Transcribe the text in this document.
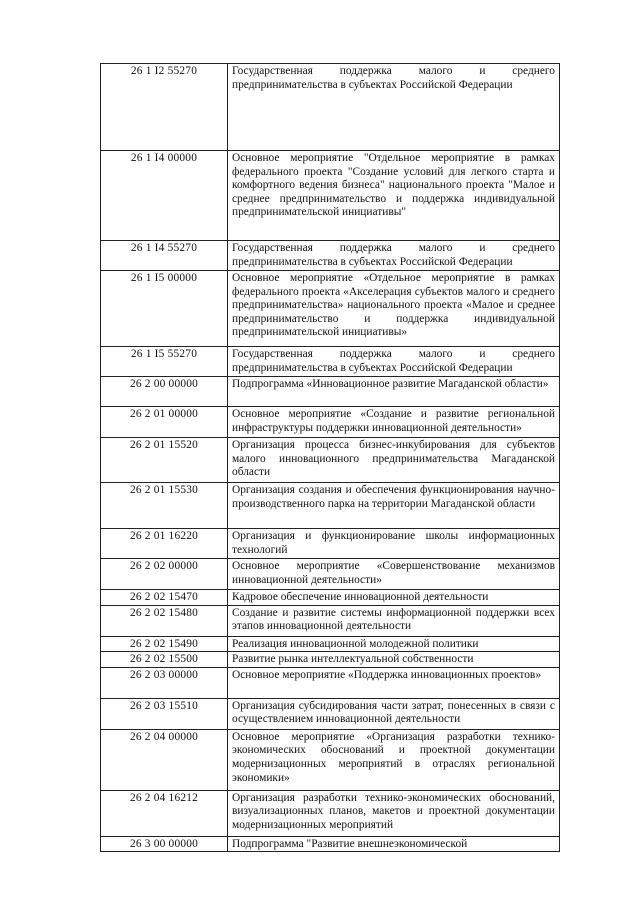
26 1 I2 55270	Государственная поддержка малого и среднего предпринимательства в субъектах Российской Федерации
26 1 I4 00000	Основное мероприятие "Отдельное мероприятие в рамках федерального проекта "Создание условий для легкого старта и комфортного ведения бизнеса" национального проекта "Малое и среднее предпринимательство и поддержка индивидуальной предпринимательской инициативы"
26 1 I4 55270	Государственная поддержка малого и среднего предпринимательства в субъектах Российской Федерации
26 1 I5 00000	Основное мероприятие «Отдельное мероприятие в рамках федерального проекта «Акселерация субъектов малого и среднего предпринимательства» национального проекта «Малое и среднее предпринимательство и поддержка индивидуальной предпринимательской инициативы»
26 1 I5 55270	Государственная поддержка малого и среднего предпринимательства в субъектах Российской Федерации
26 2 00 00000	Подпрограмма «Инновационное развитие Магаданской области»
26 2 01 00000	Основное мероприятие «Создание и развитие региональной инфраструктуры поддержки инновационной деятельности»
26 2 01 15520	Организация процесса бизнес-инкубирования для субъектов малого инновационного предпринимательства Магаданской области
26 2 01 15530	Организация создания и обеспечения функционирования научно-производственного парка на территории Магаданской области
26 2 01 16220	Организация и функционирование школы информационных технологий
26 2 02 00000	Основное мероприятие «Совершенствование механизмов инновационной деятельности»
26 2 02 15470	Кадровое обеспечение инновационной деятельности
26 2 02 15480	Создание и развитие системы информационной поддержки всех этапов инновационной деятельности
26 2 02 15490	Реализация инновационной молодежной политики
26 2 02 15500	Развитие рынка интеллектуальной собственности
26 2 03 00000	Основное мероприятие «Поддержка инновационных проектов»
26 2 03 15510	Организация субсидирования части затрат, понесенных в связи с осуществлением инновационной деятельности
26 2 04 00000	Основное мероприятие «Организация разработки технико-экономических обоснований и проектной документации модернизационных мероприятий в отраслях региональной экономики»
26 2 04 16212	Организация разработки технико-экономических обоснований, визуализационных планов, макетов и проектной документации модернизационных мероприятий
26 3 00 00000	Подпрограмма "Развитие внешнеэкономической
